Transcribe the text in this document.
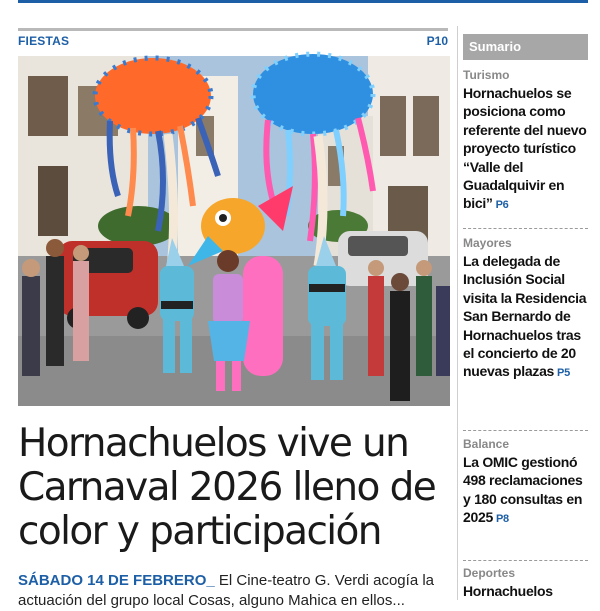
FIESTAS	P10
Hornachuelos vive un Carnaval 2026 lleno de color y participación
SÁBADO 14 DE FEBRERO_ El Cine-teatro G. Verdi acogía la actuación del grupo local Cosas, alguno Mahica en ellos...
Sumario
Turismo

Hornachuelos se posiciona como referente del nuevo proyecto turístico “Valle del Guadalquivir en bici” P6

Mayores

La delegada de Inclusión Social visita la Residencia San Bernardo de Hornachuelos tras el concierto de 20 nuevas plazas P5

Balance

La OMIC gestionó 498 reclamaciones y 180 consultas en 2025 P8

Deportes

Hornachuelos
